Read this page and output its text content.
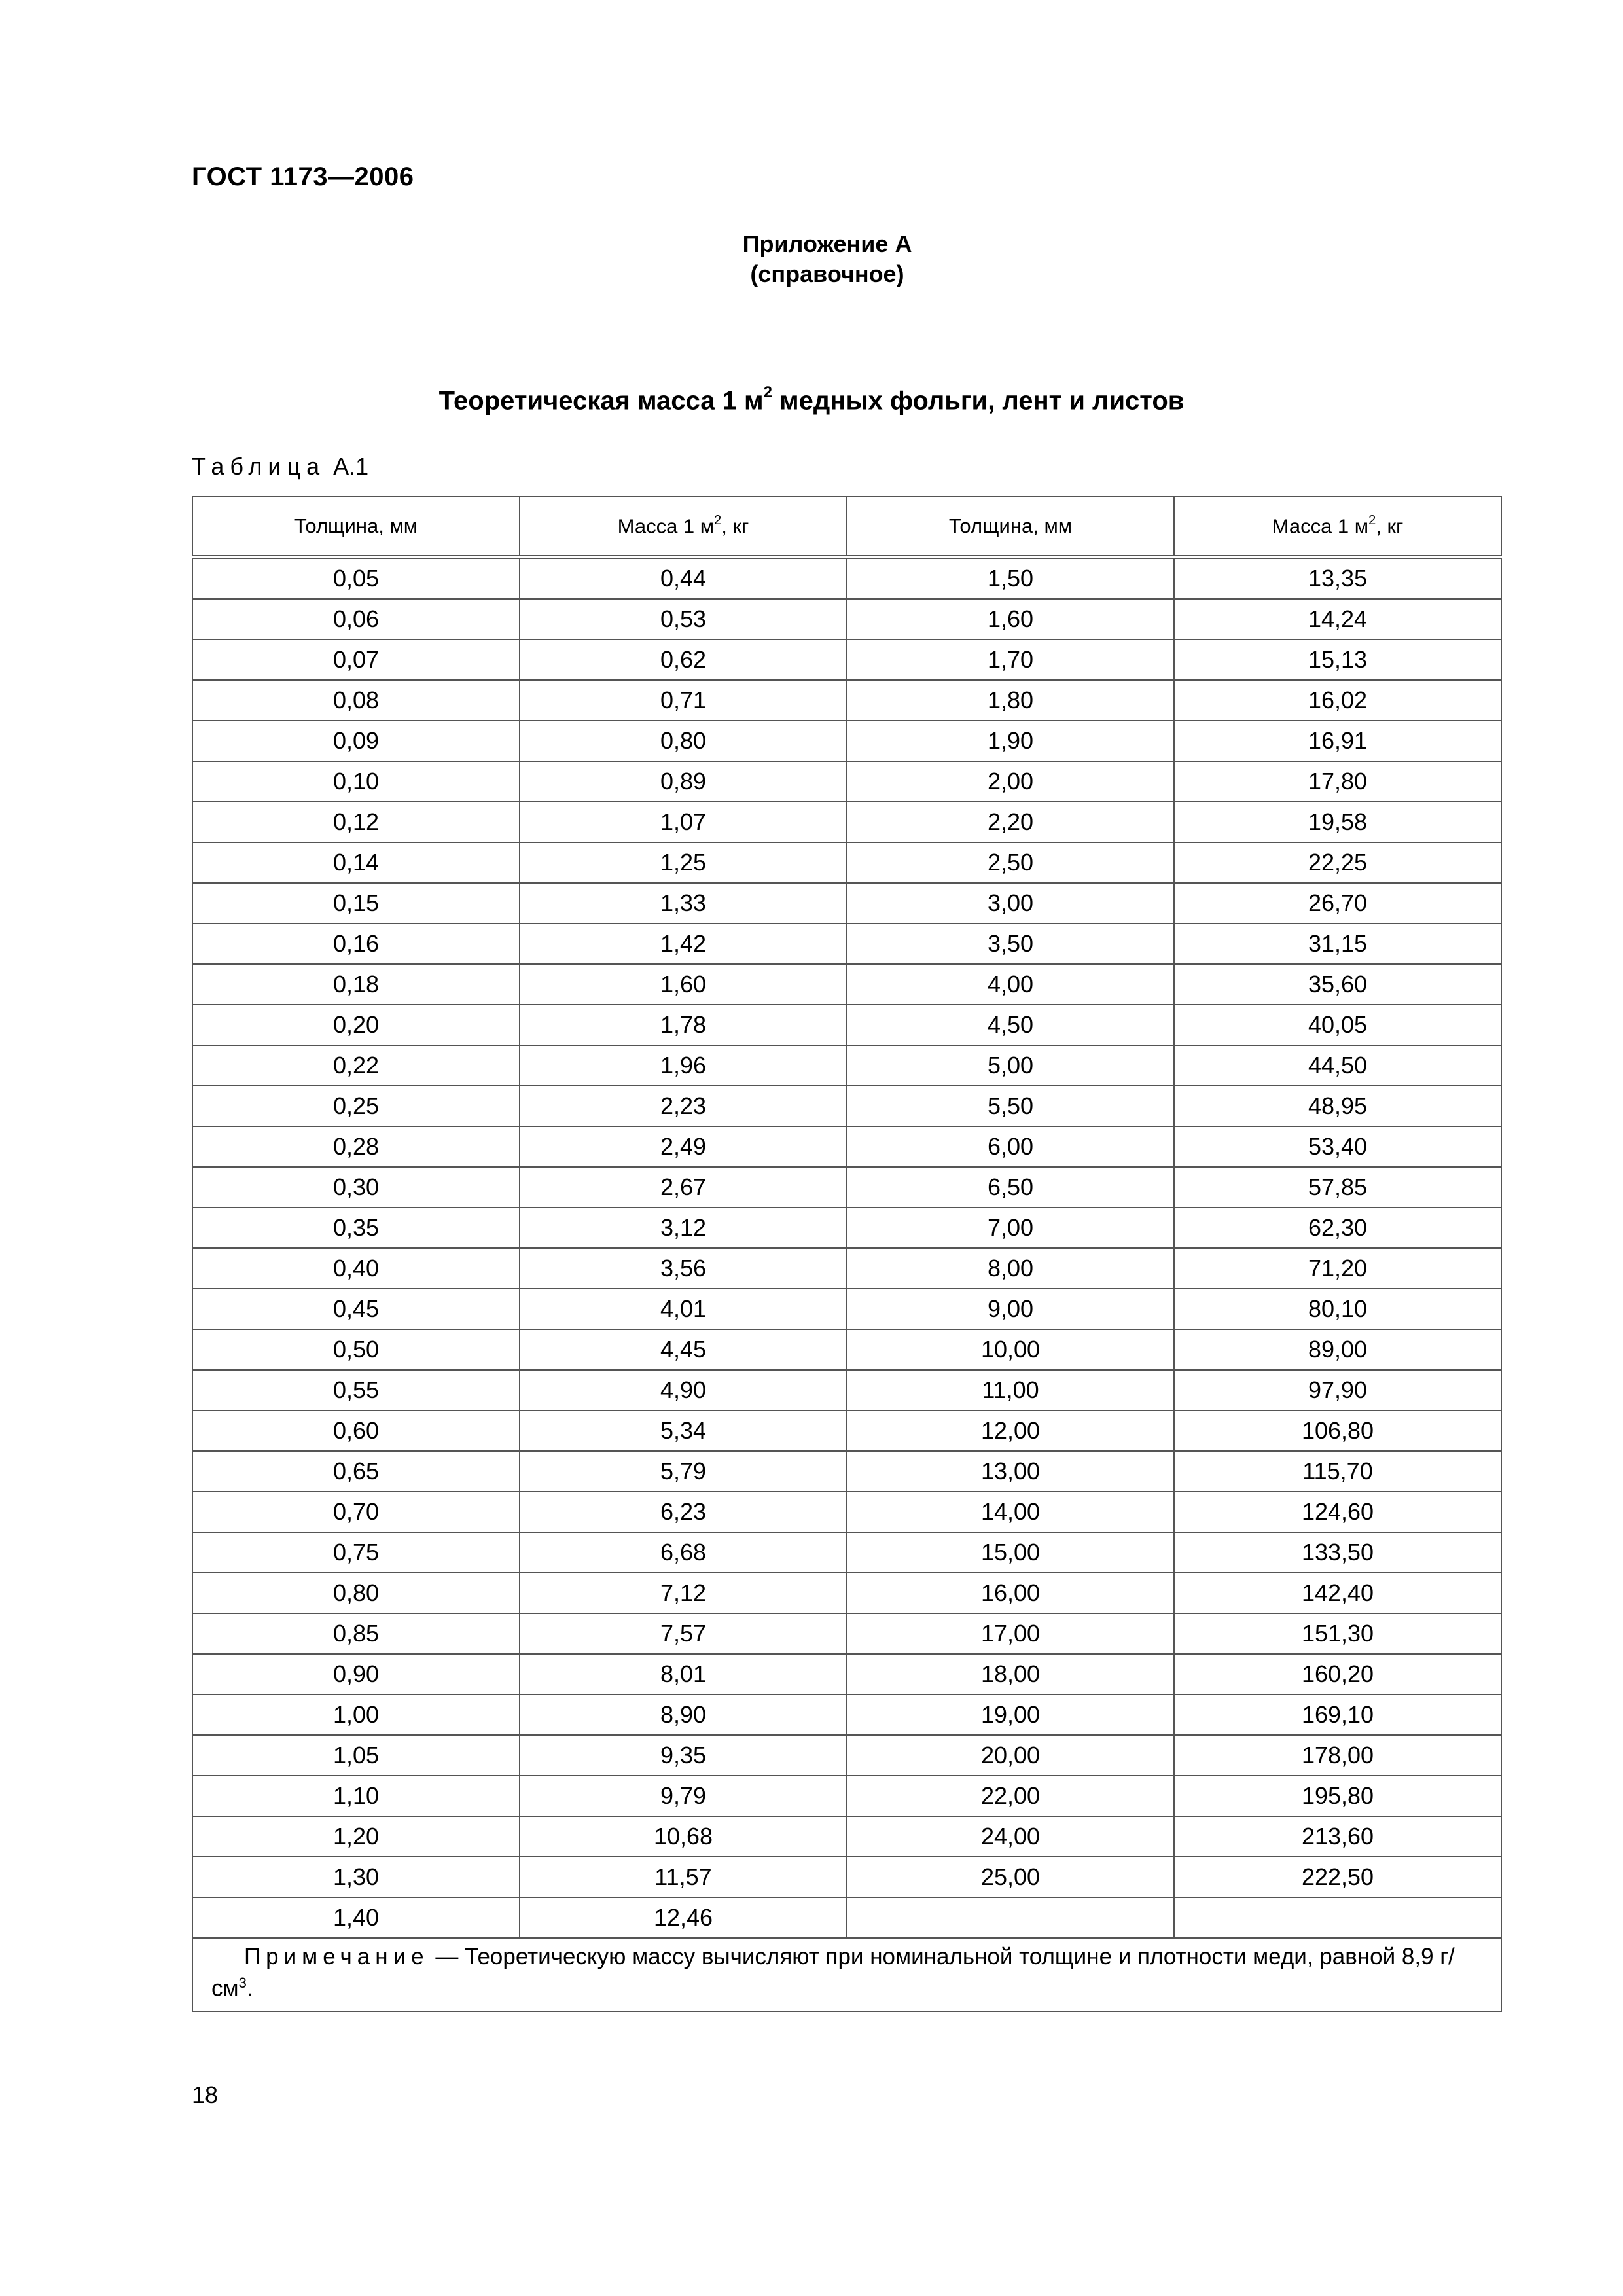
ГОСТ 1173—2006
Приложение А
(справочное)
Теоретическая масса 1 $м^2$ медных фольги, лент и листов
Таблица А.1
Толщина, мм	Масса 1 $м^2$, кг	Толщина, мм	Масса 1 $м^2$, кг
0,05	0,44	1,50	13,35
0,06	0,53	1,60	14,24
0,07	0,62	1,70	15,13
0,08	0,71	1,80	16,02
0,09	0,80	1,90	16,91
0,10	0,89	2,00	17,80
0,12	1,07	2,20	19,58
0,14	1,25	2,50	22,25
0,15	1,33	3,00	26,70
0,16	1,42	3,50	31,15
0,18	1,60	4,00	35,60
0,20	1,78	4,50	40,05
0,22	1,96	5,00	44,50
0,25	2,23	5,50	48,95
0,28	2,49	6,00	53,40
0,30	2,67	6,50	57,85
0,35	3,12	7,00	62,30
0,40	3,56	8,00	71,20
0,45	4,01	9,00	80,10
0,50	4,45	10,00	89,00
0,55	4,90	11,00	97,90
0,60	5,34	12,00	106,80
0,65	5,79	13,00	115,70
0,70	6,23	14,00	124,60
0,75	6,68	15,00	133,50
0,80	7,12	16,00	142,40
0,85	7,57	17,00	151,30
0,90	8,01	18,00	160,20
1,00	8,90	19,00	169,10
1,05	9,35	20,00	178,00
1,10	9,79	22,00	195,80
1,20	10,68	24,00	213,60
1,30	11,57	25,00	222,50
1,40	12,46		
Примечание — Теоретическую массу вычисляют при номинальной толщине и плотности меди, равной 8,9 $г/см^3$.			
18
